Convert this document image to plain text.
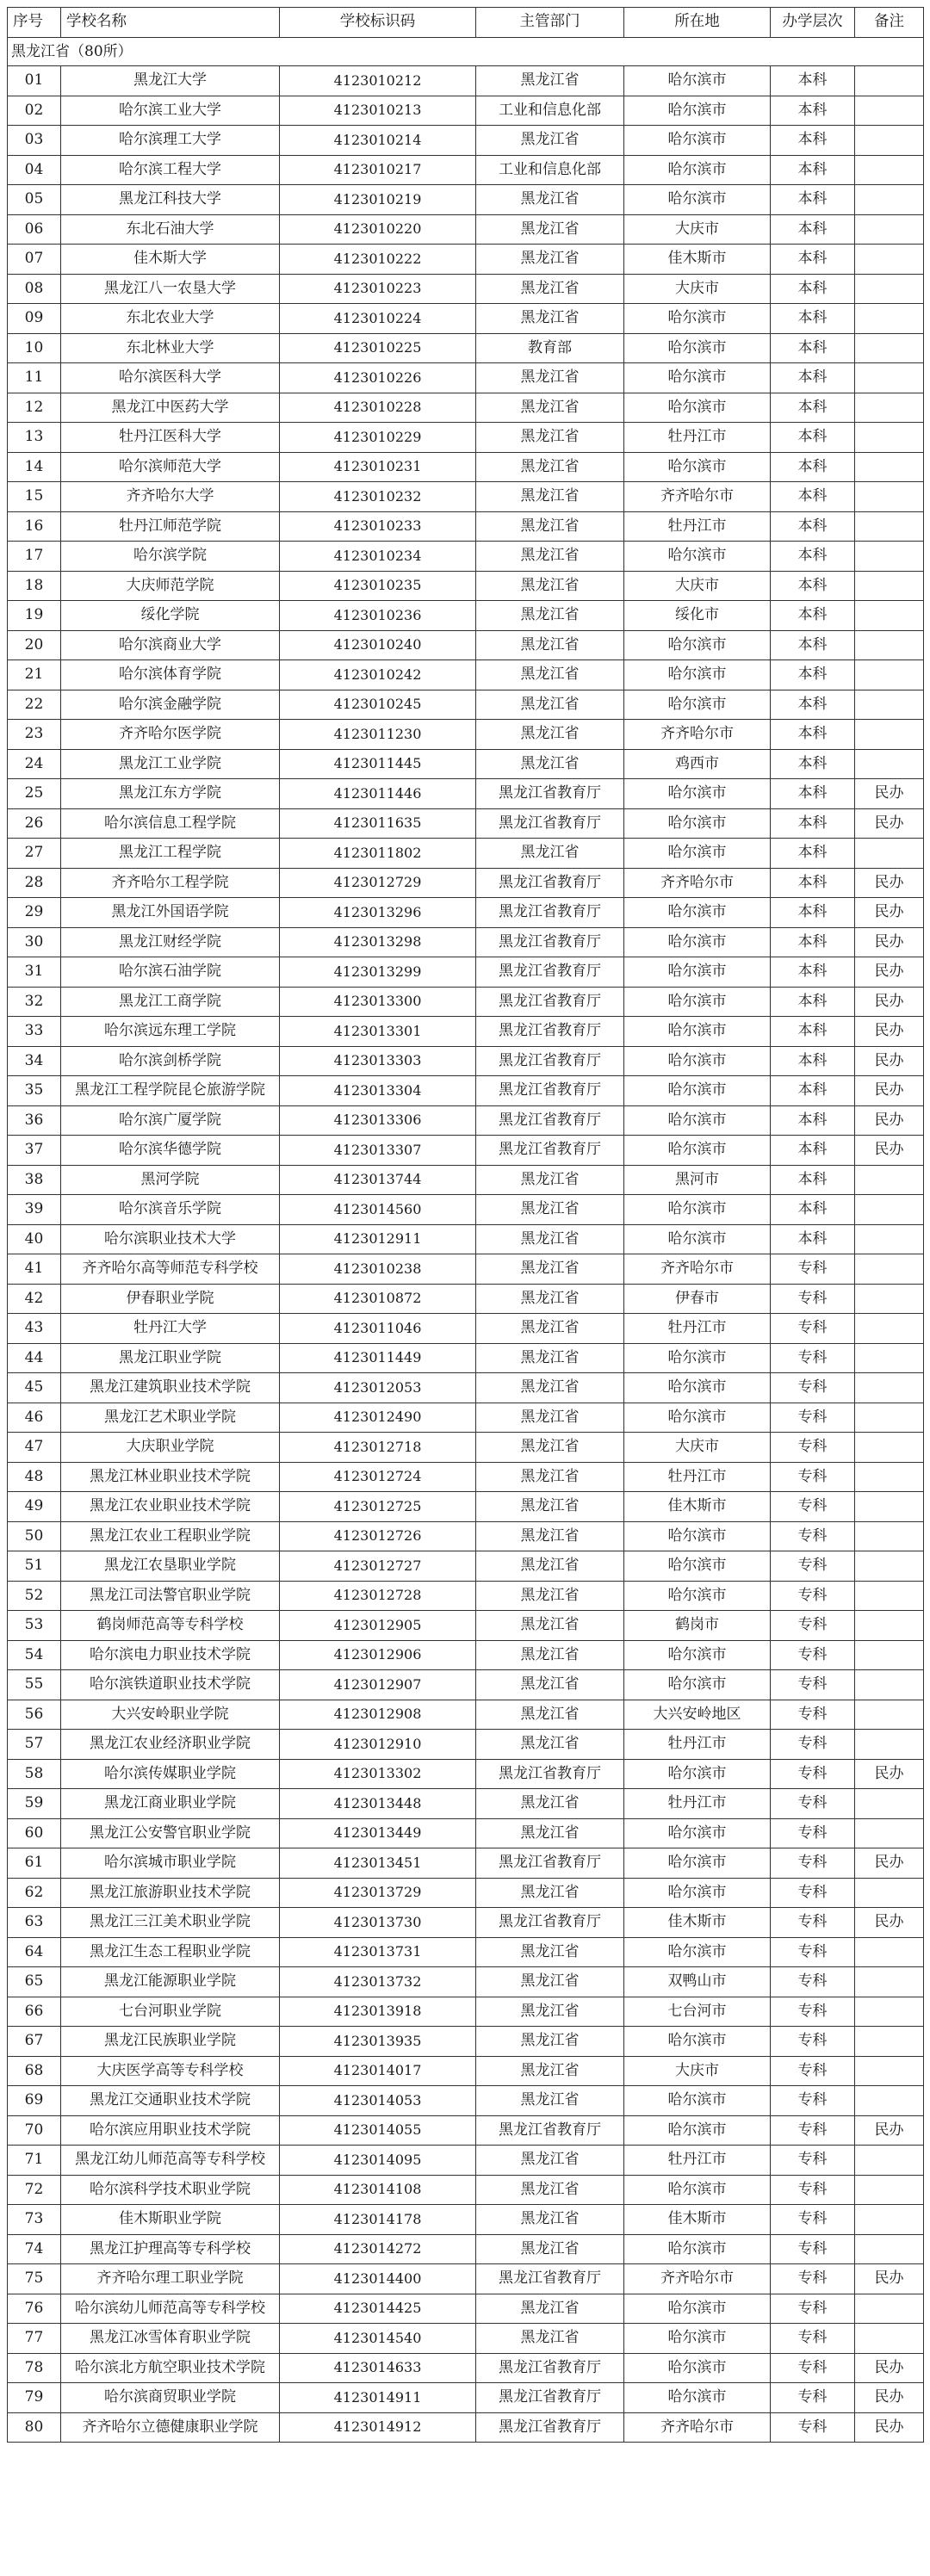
序号	学校名称	学校标识码	主管部门	所在地	办学层次	备注
黑龙江省（80所）						
01	黑龙江大学	4123010212	黑龙江省	哈尔滨市	本科	
02	哈尔滨工业大学	4123010213	工业和信息化部	哈尔滨市	本科	
03	哈尔滨理工大学	4123010214	黑龙江省	哈尔滨市	本科	
04	哈尔滨工程大学	4123010217	工业和信息化部	哈尔滨市	本科	
05	黑龙江科技大学	4123010219	黑龙江省	哈尔滨市	本科	
06	东北石油大学	4123010220	黑龙江省	大庆市	本科	
07	佳木斯大学	4123010222	黑龙江省	佳木斯市	本科	
08	黑龙江八一农垦大学	4123010223	黑龙江省	大庆市	本科	
09	东北农业大学	4123010224	黑龙江省	哈尔滨市	本科	
10	东北林业大学	4123010225	教育部	哈尔滨市	本科	
11	哈尔滨医科大学	4123010226	黑龙江省	哈尔滨市	本科	
12	黑龙江中医药大学	4123010228	黑龙江省	哈尔滨市	本科	
13	牡丹江医科大学	4123010229	黑龙江省	牡丹江市	本科	
14	哈尔滨师范大学	4123010231	黑龙江省	哈尔滨市	本科	
15	齐齐哈尔大学	4123010232	黑龙江省	齐齐哈尔市	本科	
16	牡丹江师范学院	4123010233	黑龙江省	牡丹江市	本科	
17	哈尔滨学院	4123010234	黑龙江省	哈尔滨市	本科	
18	大庆师范学院	4123010235	黑龙江省	大庆市	本科	
19	绥化学院	4123010236	黑龙江省	绥化市	本科	
20	哈尔滨商业大学	4123010240	黑龙江省	哈尔滨市	本科	
21	哈尔滨体育学院	4123010242	黑龙江省	哈尔滨市	本科	
22	哈尔滨金融学院	4123010245	黑龙江省	哈尔滨市	本科	
23	齐齐哈尔医学院	4123011230	黑龙江省	齐齐哈尔市	本科	
24	黑龙江工业学院	4123011445	黑龙江省	鸡西市	本科	
25	黑龙江东方学院	4123011446	黑龙江省教育厅	哈尔滨市	本科	民办
26	哈尔滨信息工程学院	4123011635	黑龙江省教育厅	哈尔滨市	本科	民办
27	黑龙江工程学院	4123011802	黑龙江省	哈尔滨市	本科	
28	齐齐哈尔工程学院	4123012729	黑龙江省教育厅	齐齐哈尔市	本科	民办
29	黑龙江外国语学院	4123013296	黑龙江省教育厅	哈尔滨市	本科	民办
30	黑龙江财经学院	4123013298	黑龙江省教育厅	哈尔滨市	本科	民办
31	哈尔滨石油学院	4123013299	黑龙江省教育厅	哈尔滨市	本科	民办
32	黑龙江工商学院	4123013300	黑龙江省教育厅	哈尔滨市	本科	民办
33	哈尔滨远东理工学院	4123013301	黑龙江省教育厅	哈尔滨市	本科	民办
34	哈尔滨剑桥学院	4123013303	黑龙江省教育厅	哈尔滨市	本科	民办
35	黑龙江工程学院昆仑旅游学院	4123013304	黑龙江省教育厅	哈尔滨市	本科	民办
36	哈尔滨广厦学院	4123013306	黑龙江省教育厅	哈尔滨市	本科	民办
37	哈尔滨华德学院	4123013307	黑龙江省教育厅	哈尔滨市	本科	民办
38	黑河学院	4123013744	黑龙江省	黑河市	本科	
39	哈尔滨音乐学院	4123014560	黑龙江省	哈尔滨市	本科	
40	哈尔滨职业技术大学	4123012911	黑龙江省	哈尔滨市	本科	
41	齐齐哈尔高等师范专科学校	4123010238	黑龙江省	齐齐哈尔市	专科	
42	伊春职业学院	4123010872	黑龙江省	伊春市	专科	
43	牡丹江大学	4123011046	黑龙江省	牡丹江市	专科	
44	黑龙江职业学院	4123011449	黑龙江省	哈尔滨市	专科	
45	黑龙江建筑职业技术学院	4123012053	黑龙江省	哈尔滨市	专科	
46	黑龙江艺术职业学院	4123012490	黑龙江省	哈尔滨市	专科	
47	大庆职业学院	4123012718	黑龙江省	大庆市	专科	
48	黑龙江林业职业技术学院	4123012724	黑龙江省	牡丹江市	专科	
49	黑龙江农业职业技术学院	4123012725	黑龙江省	佳木斯市	专科	
50	黑龙江农业工程职业学院	4123012726	黑龙江省	哈尔滨市	专科	
51	黑龙江农垦职业学院	4123012727	黑龙江省	哈尔滨市	专科	
52	黑龙江司法警官职业学院	4123012728	黑龙江省	哈尔滨市	专科	
53	鹤岗师范高等专科学校	4123012905	黑龙江省	鹤岗市	专科	
54	哈尔滨电力职业技术学院	4123012906	黑龙江省	哈尔滨市	专科	
55	哈尔滨铁道职业技术学院	4123012907	黑龙江省	哈尔滨市	专科	
56	大兴安岭职业学院	4123012908	黑龙江省	大兴安岭地区	专科	
57	黑龙江农业经济职业学院	4123012910	黑龙江省	牡丹江市	专科	
58	哈尔滨传媒职业学院	4123013302	黑龙江省教育厅	哈尔滨市	专科	民办
59	黑龙江商业职业学院	4123013448	黑龙江省	牡丹江市	专科	
60	黑龙江公安警官职业学院	4123013449	黑龙江省	哈尔滨市	专科	
61	哈尔滨城市职业学院	4123013451	黑龙江省教育厅	哈尔滨市	专科	民办
62	黑龙江旅游职业技术学院	4123013729	黑龙江省	哈尔滨市	专科	
63	黑龙江三江美术职业学院	4123013730	黑龙江省教育厅	佳木斯市	专科	民办
64	黑龙江生态工程职业学院	4123013731	黑龙江省	哈尔滨市	专科	
65	黑龙江能源职业学院	4123013732	黑龙江省	双鸭山市	专科	
66	七台河职业学院	4123013918	黑龙江省	七台河市	专科	
67	黑龙江民族职业学院	4123013935	黑龙江省	哈尔滨市	专科	
68	大庆医学高等专科学校	4123014017	黑龙江省	大庆市	专科	
69	黑龙江交通职业技术学院	4123014053	黑龙江省	哈尔滨市	专科	
70	哈尔滨应用职业技术学院	4123014055	黑龙江省教育厅	哈尔滨市	专科	民办
71	黑龙江幼儿师范高等专科学校	4123014095	黑龙江省	牡丹江市	专科	
72	哈尔滨科学技术职业学院	4123014108	黑龙江省	哈尔滨市	专科	
73	佳木斯职业学院	4123014178	黑龙江省	佳木斯市	专科	
74	黑龙江护理高等专科学校	4123014272	黑龙江省	哈尔滨市	专科	
75	齐齐哈尔理工职业学院	4123014400	黑龙江省教育厅	齐齐哈尔市	专科	民办
76	哈尔滨幼儿师范高等专科学校	4123014425	黑龙江省	哈尔滨市	专科	
77	黑龙江冰雪体育职业学院	4123014540	黑龙江省	哈尔滨市	专科	
78	哈尔滨北方航空职业技术学院	4123014633	黑龙江省教育厅	哈尔滨市	专科	民办
79	哈尔滨商贸职业学院	4123014911	黑龙江省教育厅	哈尔滨市	专科	民办
80	齐齐哈尔立德健康职业学院	4123014912	黑龙江省教育厅	齐齐哈尔市	专科	民办
